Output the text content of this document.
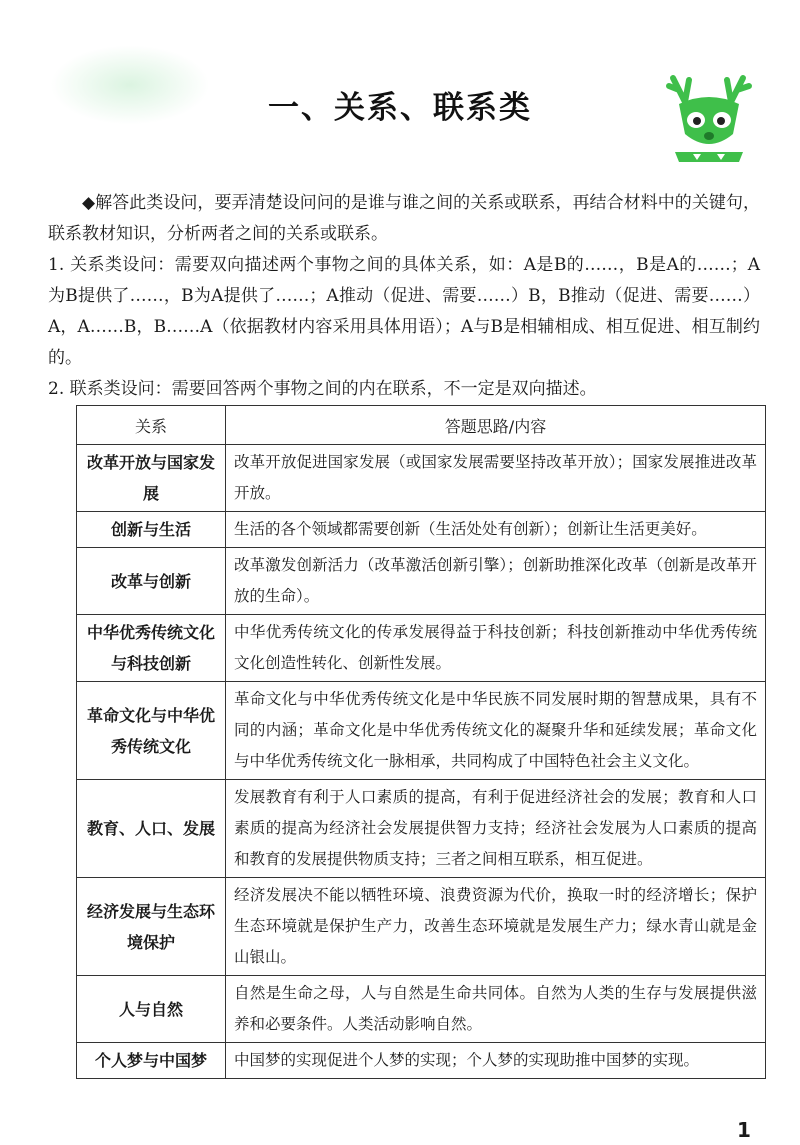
一、关系、联系类

◆解答此类设问，要弄清楚设问问的是谁与谁之间的关系或联系，再结合材料中的关键句，联系教材知识，分析两者之间的关系或联系。

1. 关系类设问：需要双向描述两个事物之间的具体关系，如：A是B的……，B是A的……；A为B提供了……，B为A提供了……；A推动（促进、需要……）B，B推动（促进、需要……）A，A……B，B……A（依据教材内容采用具体用语）；A与B是相辅相成、相互促进、相互制约的。

2. 联系类设问：需要回答两个事物之间的内在联系，不一定是双向描述。

关系	答题思路/内容
改革开放与国家发展	改革开放促进国家发展（或国家发展需要坚持改革开放）；国家发展推进改革开放。
创新与生活	生活的各个领域都需要创新（生活处处有创新）；创新让生活更美好。
改革与创新	改革激发创新活力（改革激活创新引擎）；创新助推深化改革（创新是改革开放的生命）。
中华优秀传统文化与科技创新	中华优秀传统文化的传承发展得益于科技创新；科技创新推动中华优秀传统文化创造性转化、创新性发展。
革命文化与中华优秀传统文化	革命文化与中华优秀传统文化是中华民族不同发展时期的智慧成果，具有不同的内涵；革命文化是中华优秀传统文化的凝聚升华和延续发展；革命文化与中华优秀传统文化一脉相承，共同构成了中国特色社会主义文化。
教育、人口、发展	发展教育有利于人口素质的提高，有利于促进经济社会的发展；教育和人口素质的提高为经济社会发展提供智力支持；经济社会发展为人口素质的提高和教育的发展提供物质支持；三者之间相互联系，相互促进。
经济发展与生态环境保护	经济发展决不能以牺牲环境、浪费资源为代价，换取一时的经济增长；保护生态环境就是保护生产力，改善生态环境就是发展生产力；绿水青山就是金山银山。
人与自然	自然是生命之母，人与自然是生命共同体。自然为人类的生存与发展提供滋养和必要条件。人类活动影响自然。
个人梦与中国梦	中国梦的实现促进个人梦的实现；个人梦的实现助推中国梦的实现。
1
